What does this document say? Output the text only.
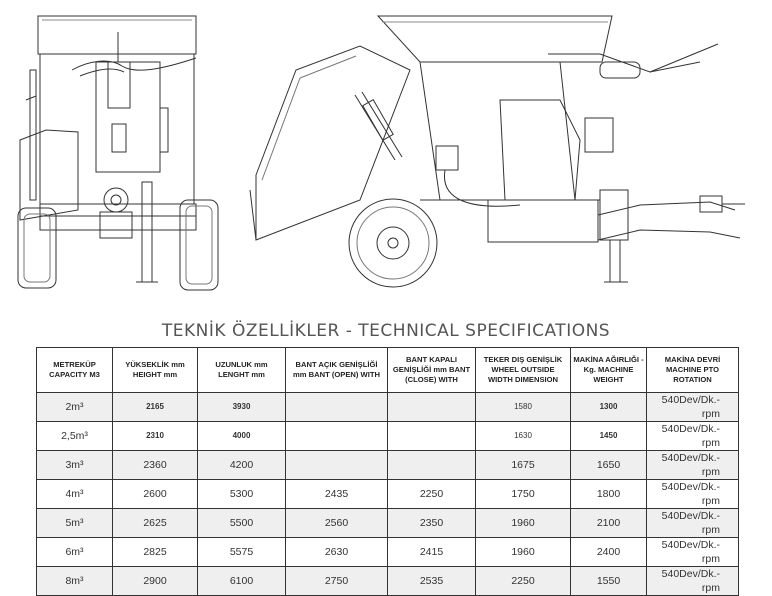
TEKNİK ÖZELLİKLER - TECHNICAL SPECIFICATIONS
METREKÜP CAPACITY M3	YÜKSEKLİK mm HEIGHT mm	UZUNLUK mm LENGHT mm	BANT AÇIK GENİŞLİĞİ mm BANT (OPEN) WITH	BANT KAPALI GENİŞLİĞİ mm BANT (CLOSE) WITH	TEKER DIŞ GENİŞLİK WHEEL OUTSIDE WIDTH DIMENSION	MAKİNA AĞIRLIĞI - Kg. MACHINE WEIGHT	MAKİNA DEVRİ MACHINE PTO ROTATION
2m³	2165	3930			1580	1300	540Dev/Dk.-rpm
2,5m³	2310	4000			1630	1450	540Dev/Dk.-rpm
3m³	2360	4200			1675	1650	540Dev/Dk.-rpm
4m³	2600	5300	2435	2250	1750	1800	540Dev/Dk.-rpm
5m³	2625	5500	2560	2350	1960	2100	540Dev/Dk.-rpm
6m³	2825	5575	2630	2415	1960	2400	540Dev/Dk.-rpm
8m³	2900	6100	2750	2535	2250	1550	540Dev/Dk.-rpm
